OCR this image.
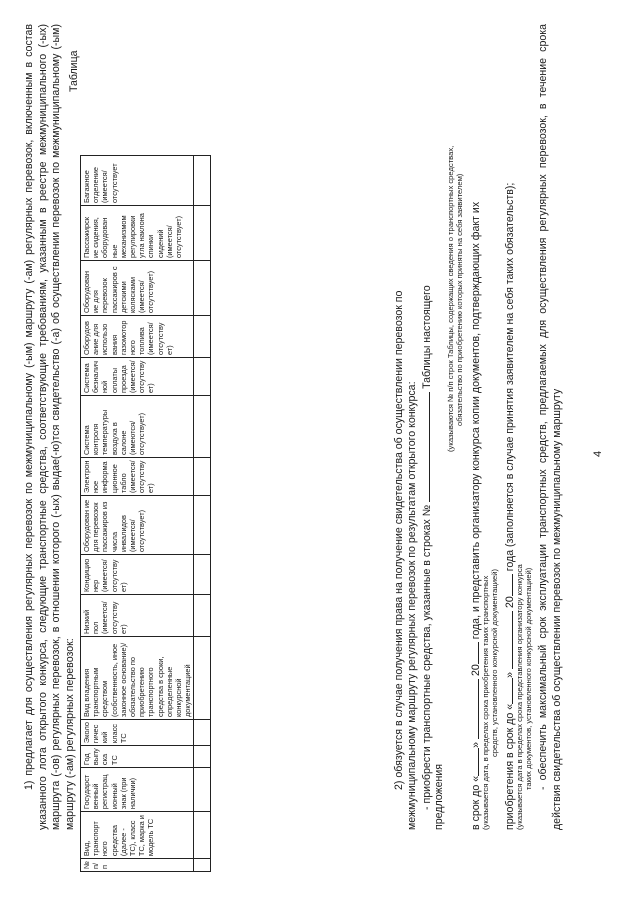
4
1) предлагает для осуществления регулярных перевозок по межмуниципальному (-ым) маршруту (-ам) регулярных перевозок, включенным в состав указанного лота открытого конкурса, следующие транспортные средства, соответствующие требованиям, указанным в реестре межмуниципального (-ых) маршрута (-ов) регулярных перевозок, в отношении которого (-ых) выдае(-ю)тся свидетельство (-а) об осуществлении перевозок по межмуниципальному (-ым) маршруту (-ам) регулярных перевозок:
Таблица
№ п/п	Вид, транспорт ного средства (далее - ТС), класс ТС, марка и модель ТС	Государст венный регистрац ионный знак (при наличии)	Год выпу ска ТС	Эколо гичес кий класс ТС	Вид владения транспортным средством (собственность, иное законное основание)/ обязательство по приобретению транспортного средства в сроки, определенные конкурсной документацией	Низкий пол (имеется/ отсутству ет)	Кондицио нер (имеется/ отсутству ет)	Оборудован ие для перевозок пассажиров из числа инвалидов (имеется/ отсутствует)	Электрон ное информа ционное табло (имеется/ отсутству ет)	Система контроля температуры воздуха в салоне (имеются/ отсутствует)	Система безналич ной оплаты проезда (имеется/ отсутству ет)	Оборудов ание для использо вания газомотор ного топлива (имеется/ отсутству ет)	Оборудован ие для перевозок пассажиров с детскими колясками (имеется/ отсутствует)	Пассажирск ие сидения, оборудован ные механизмом регулировки угла наклона спинки сидений (имеется/ отсутствует)	Багажное отделение (имеется/ отсутствует

2) обязуется в случае получения права на получение свидетельства об осуществлении перевозок по межмуниципальному маршруту регулярных перевозок по результатам открытого конкурса: - приобрести транспортные средства, указанные в строках №  Таблицы настоящего
предложения
(указываются № п/п строк Таблицы, содержащих сведения о транспортных средствах, обязательство по приобретению которых приняты на себя заявителем)
в срок до «»  20 года, и представить организатору конкурса копии документов, подтверждающих факт их
(указывается дата, в пределах срока приобретения таких транспортных средств, установленного конкурсной документацией)
приобретения в срок до «»  20 года (заполняется в случае принятия заявителем на себя таких обязательств);
(указывается дата в пределах срока представления организатору конкурса таких документов, установленного конкурсной документацией) - обеспечить максимальный срок эксплуатации транспортных средств, предлагаемых для осуществления регулярных перевозок, в течение срока действия свидетельства об осуществлении перевозок по межмуниципальному маршруту
